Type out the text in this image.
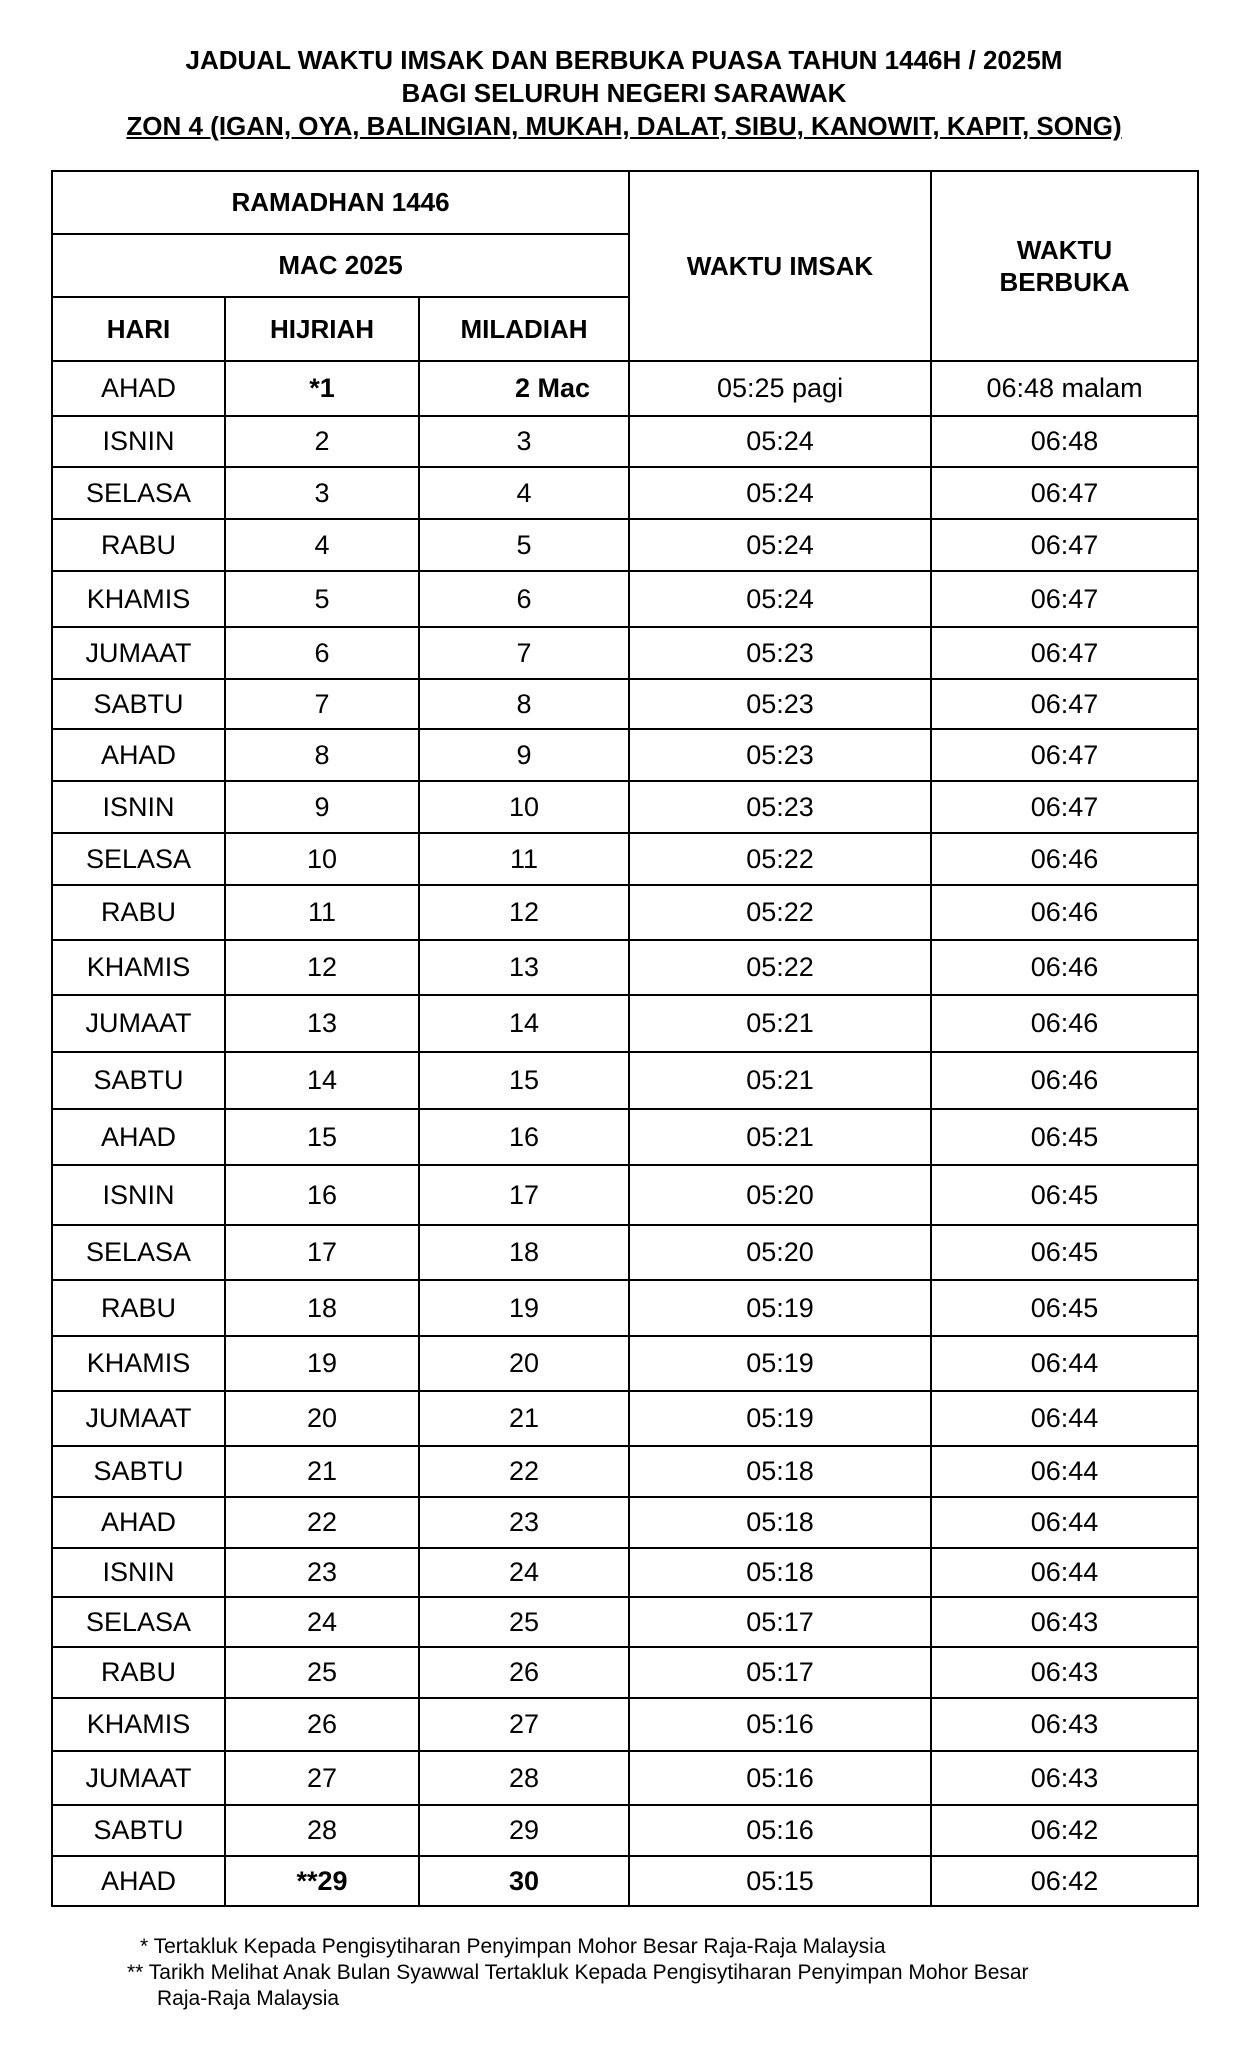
JADUAL WAKTU IMSAK DAN BERBUKA PUASA TAHUN 1446H / 2025M
BAGI SELURUH NEGERI SARAWAK
ZON 4 (IGAN, OYA, BALINGIAN, MUKAH, DALAT, SIBU, KANOWIT, KAPIT, SONG)
RAMADHAN 1446			WAKTU IMSAK	WAKTU BERBUKA
MAC 2025				
HARI	HIJRIAH	MILADIAH		
AHAD	*1	2 Mac	05:25 pagi	06:48 malam
ISNIN	2	3	05:24	06:48
SELASA	3	4	05:24	06:47
RABU	4	5	05:24	06:47
KHAMIS	5	6	05:24	06:47
JUMAAT	6	7	05:23	06:47
SABTU	7	8	05:23	06:47
AHAD	8	9	05:23	06:47
ISNIN	9	10	05:23	06:47
SELASA	10	11	05:22	06:46
RABU	11	12	05:22	06:46
KHAMIS	12	13	05:22	06:46
JUMAAT	13	14	05:21	06:46
SABTU	14	15	05:21	06:46
AHAD	15	16	05:21	06:45
ISNIN	16	17	05:20	06:45
SELASA	17	18	05:20	06:45
RABU	18	19	05:19	06:45
KHAMIS	19	20	05:19	06:44
JUMAAT	20	21	05:19	06:44
SABTU	21	22	05:18	06:44
AHAD	22	23	05:18	06:44
ISNIN	23	24	05:18	06:44
SELASA	24	25	05:17	06:43
RABU	25	26	05:17	06:43
KHAMIS	26	27	05:16	06:43
JUMAAT	27	28	05:16	06:43
SABTU	28	29	05:16	06:42
AHAD	**29	30	05:15	06:42
* Tertakluk Kepada Pengisytiharan Penyimpan Mohor Besar Raja-Raja Malaysia
** Tarikh Melihat Anak Bulan Syawwal Tertakluk Kepada Pengisytiharan Penyimpan Mohor Besar
Raja-Raja Malaysia
